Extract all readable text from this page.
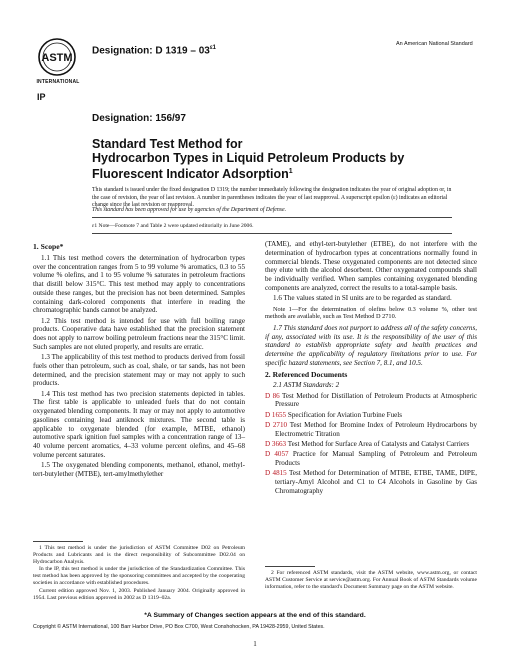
ASTM
INTERNATIONAL
IP
Designation: D $1319 - 03^{\varepsilon 1}$
An American National Standard
Designation: 156/97
Standard Test Method for
Hydrocarbon Types in Liquid Petroleum Products by
Fluorescent Indicator Adsorption$^1$
This standard is issued under the fixed designation D 1319; the number immediately following the designation indicates the year of original adoption or, in the case of revision, the year of last revision. A number in parentheses indicates the year of last reapproval. A superscript epsilon (ε) indicates an editorial change since the last revision or reapproval.
This standard has been approved for use by agencies of the Department of Defense.
ε1 Note—Footnote 7 and Table 2 were updated editorially in June 2006.

1. Scope*

1.1 This test method covers the determination of hydrocarbon types over the concentration ranges from 5 to 99 volume % aromatics, 0.3 to 55 volume % olefins, and 1 to 95 volume % saturates in petroleum fractions that distill below 315°C. This test method may apply to concentrations outside these ranges, but the precision has not been determined. Samples containing dark-colored components that interfere in reading the chromatographic bands cannot be analyzed.

1.2 This test method is intended for use with full boiling range products. Cooperative data have established that the precision statement does not apply to narrow boiling petroleum fractions near the 315°C limit. Such samples are not eluted properly, and results are erratic.

1.3 The applicability of this test method to products derived from fossil fuels other than petroleum, such as coal, shale, or tar sands, has not been determined, and the precision statement may or may not apply to such products.

1.4 This test method has two precision statements depicted in tables. The first table is applicable to unleaded fuels that do not contain oxygenated blending components. It may or may not apply to automotive gasolines containing lead antiknock mixtures. The second table is applicable to oxygenate blended (for example, MTBE, ethanol) automotive spark ignition fuel samples with a concentration range of 13–40 volume percent aromatics, 4–33 volume percent olefins, and 45–68 volume percent saturates.

1.5 The oxygenated blending components, methanol, ethanol, methyl-tert-butylether (MTBE), tert-amylmethylether

1 This test method is under the jurisdiction of ASTM Committee D02 on Petroleum Products and Lubricants and is the direct responsibility of Subcommittee D02.04 on Hydrocarbon Analysis.

In the IP, this test method is under the jurisdiction of the Standardization Committee. This test method has been approved by the sponsoring committees and accepted by the cooperating societies in accordance with established procedures.

Current edition approved Nov. 1, 2003. Published January 2004. Originally approved in 1954. Last previous edition approved in 2002 as D 1319–02a.

(TAME), and ethyl-tert-butylether (ETBE), do not interfere with the determination of hydrocarbon types at concentrations normally found in commercial blends. These oxygenated components are not detected since they elute with the alcohol desorbent. Other oxygenated compounds shall be individually verified. When samples containing oxygenated blending components are analyzed, correct the results to a total-sample basis.

1.6 The values stated in SI units are to be regarded as standard.

Note 1—For the determination of olefins below 0.3 volume %, other test methods are available, such as Test Method D 2710.

1.7 This standard does not purport to address all of the safety concerns, if any, associated with its use. It is the responsibility of the user of this standard to establish appropriate safety and health practices and determine the applicability of regulatory limitations prior to use. For specific hazard statements, see Section 7, 8.1, and 10.5.

2. Referenced Documents

2.1 ASTM Standards: 2

D 86 Test Method for Distillation of Petroleum Products at Atmospheric Pressure

D 1655 Specification for Aviation Turbine Fuels

D 2710 Test Method for Bromine Index of Petroleum Hydrocarbons by Electrometric Titration

D 3663 Test Method for Surface Area of Catalysts and Catalyst Carriers

D 4057 Practice for Manual Sampling of Petroleum and Petroleum Products

D 4815 Test Method for Determination of MTBE, ETBE, TAME, DIPE, tertiary-Amyl Alcohol and C1 to C4 Alcohols in Gasoline by Gas Chromatography

2 For referenced ASTM standards, visit the ASTM website, www.astm.org, or contact ASTM Customer Service at service@astm.org. For Annual Book of ASTM Standards volume information, refer to the standard's Document Summary page on the ASTM website.

*A Summary of Changes section appears at the end of this standard.
Copyright © ASTM International, 100 Barr Harbor Drive, PO Box C700, West Conshohocken, PA 19428-2959, United States.
1
